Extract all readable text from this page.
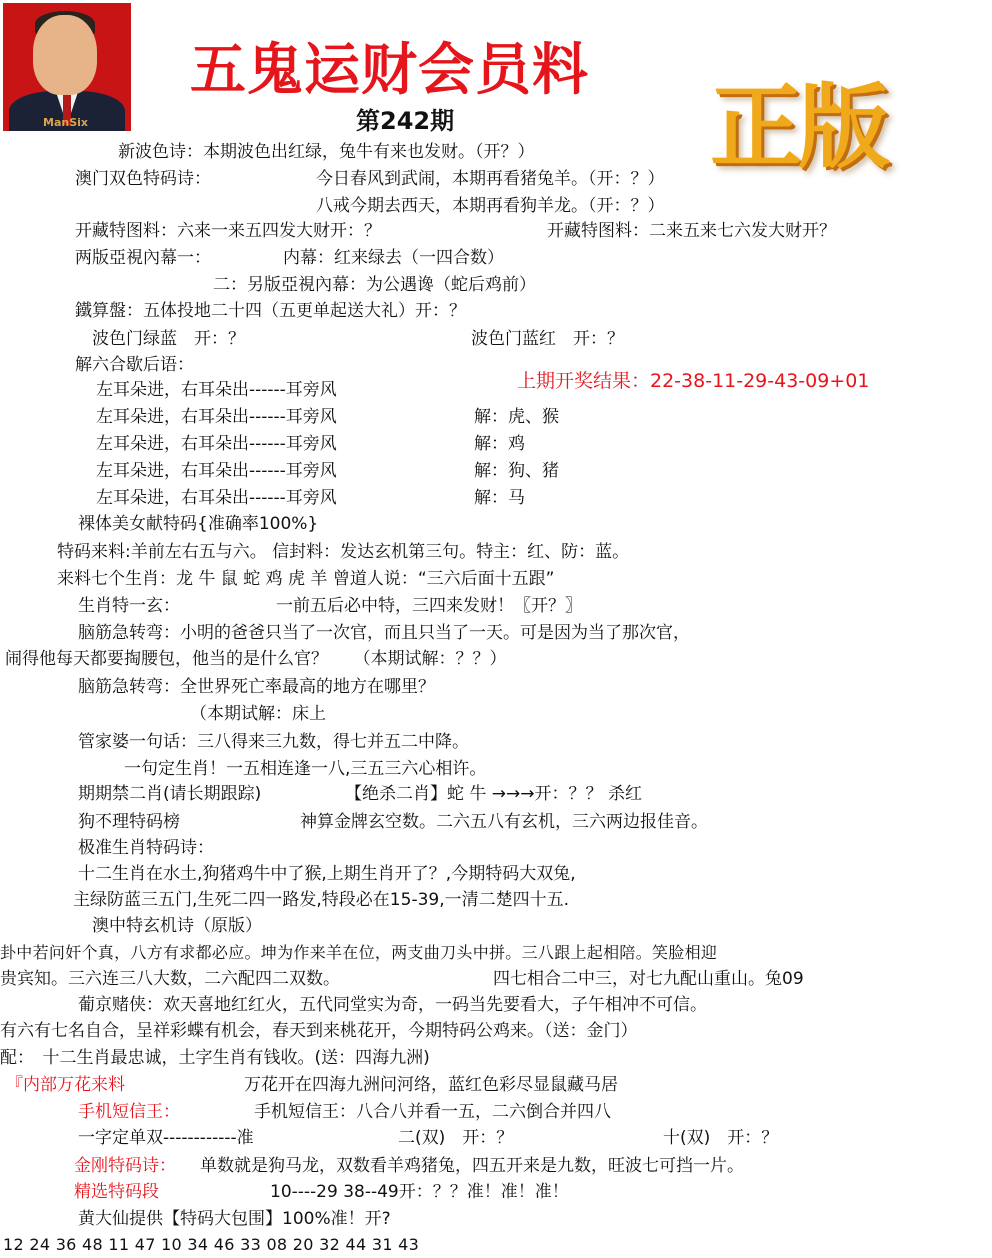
ManSix
五鬼运财会员料
第242期	正版
新波色诗：本期波色出红绿，兔牛有来也发财。（开？）
澳门双色特码诗：	今日春风到武闹，本期再看猪兔羊。（开：？）
八戒今期去西天，本期再看狗羊龙。（开：？）
开藏特图料：六来一来五四发大财开：？	开藏特图料：二来五来七六发大财开？
两版亞視內幕一：	内幕：红来绿去（一四合数）
二：另版亞視內幕：为公遇谗（蛇后鸡前）
鐵算盤：五体投地二十四（五更单起送大礼）开：？
波色门绿蓝　开：？	波色门蓝红　开：？
解六合歇后语：
左耳朵进，右耳朵出------耳旁风	上期开奖结果：22-38-11-29-43-09+01
左耳朵进，右耳朵出------耳旁风	解：虎、猴
左耳朵进，右耳朵出------耳旁风	解：鸡
左耳朵进，右耳朵出------耳旁风	解：狗、猪
左耳朵进，右耳朵出------耳旁风	解：马
裸体美女献特码{准确率100%}
特码来料:羊前左右五与六。 信封料：发达玄机第三句。特主：红、防：蓝。
来料七个生肖：龙 牛 鼠 蛇 鸡 虎 羊 曾道人说：“三六后面十五跟”
生肖特一玄：	一前五后必中特，三四来发财！〖开？〗
脑筋急转弯：小明的爸爸只当了一次官，而且只当了一天。可是因为当了那次官，
闹得他每天都要掏腰包，他当的是什么官？　　（本期试解：？？）
脑筋急转弯：全世界死亡率最高的地方在哪里？
（本期试解：床上
管家婆一句话：三八得来三九数，得七并五二中降。
一句定生肖！一五相连逢一八,三五三六心相许。
期期禁二肖(请长期跟踪)	【绝杀二肖】蛇 牛 →→→开：？？ 杀红
狗不理特码榜	神算金牌玄空数。二六五八有玄机，三六两边报佳音。
极准生肖特码诗：
十二生肖在水土,狗猪鸡牛中了猴,上期生肖开了？,今期特码大双兔,
主绿防蓝三五门,生死二四一路发,特段必在15-39,一清二楚四十五.
澳中特玄机诗（原版）
卦中若问奸个真，八方有求都必应。坤为作来羊在位，两支曲刀头中拼。三八跟上起相陪。笑脸相迎
贵宾知。三六连三八大数，二六配四二双数。	四七相合二中三，对七九配山重山。兔09
葡京赌侠：欢天喜地红红火，五代同堂实为奇，一码当先要看大，子午相冲不可信。
有六有七名自合，呈祥彩蝶有机会，春天到来桃花开，今期特码公鸡来。（送：金门）
配：　十二生肖最忠诚，土字生肖有钱收。(送：四海九洲)
『内部万花来料	万花开在四海九洲问河络，蓝红色彩尽显鼠藏马居
手机短信王：	手机短信王：八合八并看一五，二六倒合并四八
一字定单双------------准	二(双)　开：？	十(双)　开：？
金刚特码诗： 单数就是狗马龙，双数看羊鸡猪兔，四五开来是九数，旺波七可挡一片。
精选特码段	10----29 38--49开：？？准！准！准！
黄大仙提供【特码大包围】100%准！开?
12 24 36 48 11 47 10 34 46 33 08 20 32 44 31 43
